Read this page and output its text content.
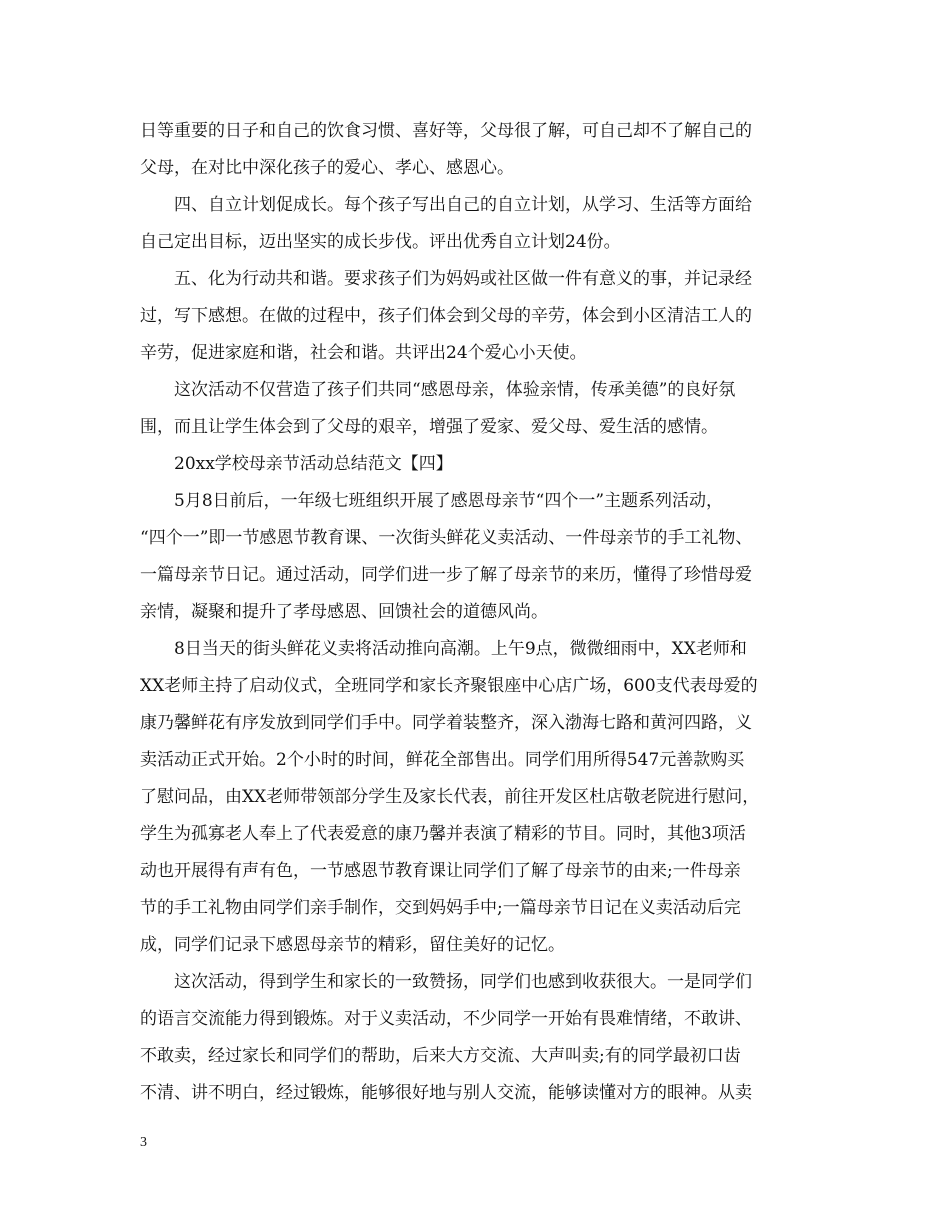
日等重要的日子和自己的饮食习惯、喜好等，父母很了解，可自己却不了解自己的
父母，在对比中深化孩子的爱心、孝心、感恩心。
四、自立计划促成长。每个孩子写出自己的自立计划，从学习、生活等方面给
自己定出目标，迈出坚实的成长步伐。评出优秀自立计划24份。
五、化为行动共和谐。要求孩子们为妈妈或社区做一件有意义的事，并记录经
过，写下感想。在做的过程中，孩子们体会到父母的辛劳，体会到小区清洁工人的
辛劳，促进家庭和谐，社会和谐。共评出24个爱心小天使。
这次活动不仅营造了孩子们共同“感恩母亲，体验亲情，传承美德”的良好氛
围，而且让学生体会到了父母的艰辛，增强了爱家、爱父母、爱生活的感情。
20xx学校母亲节活动总结范文【四】
5月8日前后，一年级七班组织开展了感恩母亲节“四个一”主题系列活动，
“四个一”即一节感恩节教育课、一次街头鲜花义卖活动、一件母亲节的手工礼物、
一篇母亲节日记。通过活动，同学们进一步了解了母亲节的来历，懂得了珍惜母爱
亲情，凝聚和提升了孝母感恩、回馈社会的道德风尚。
8日当天的街头鲜花义卖将活动推向高潮。上午9点，微微细雨中，XX老师和
XX老师主持了启动仪式，全班同学和家长齐聚银座中心店广场，600支代表母爱的
康乃馨鲜花有序发放到同学们手中。同学着装整齐，深入渤海七路和黄河四路，义
卖活动正式开始。2个小时的时间，鲜花全部售出。同学们用所得547元善款购买
了慰问品，由XX老师带领部分学生及家长代表，前往开发区杜店敬老院进行慰问，
学生为孤寡老人奉上了代表爱意的康乃馨并表演了精彩的节目。同时，其他3项活
动也开展得有声有色，一节感恩节教育课让同学们了解了母亲节的由来;一件母亲
节的手工礼物由同学们亲手制作，交到妈妈手中;一篇母亲节日记在义卖活动后完
成，同学们记录下感恩母亲节的精彩，留住美好的记忆。
这次活动，得到学生和家长的一致赞扬，同学们也感到收获很大。一是同学们
的语言交流能力得到锻炼。对于义卖活动，不少同学一开始有畏难情绪，不敢讲、
不敢卖，经过家长和同学们的帮助，后来大方交流、大声叫卖;有的同学最初口齿
不清、讲不明白，经过锻炼，能够很好地与别人交流，能够读懂对方的眼神。从卖
3
